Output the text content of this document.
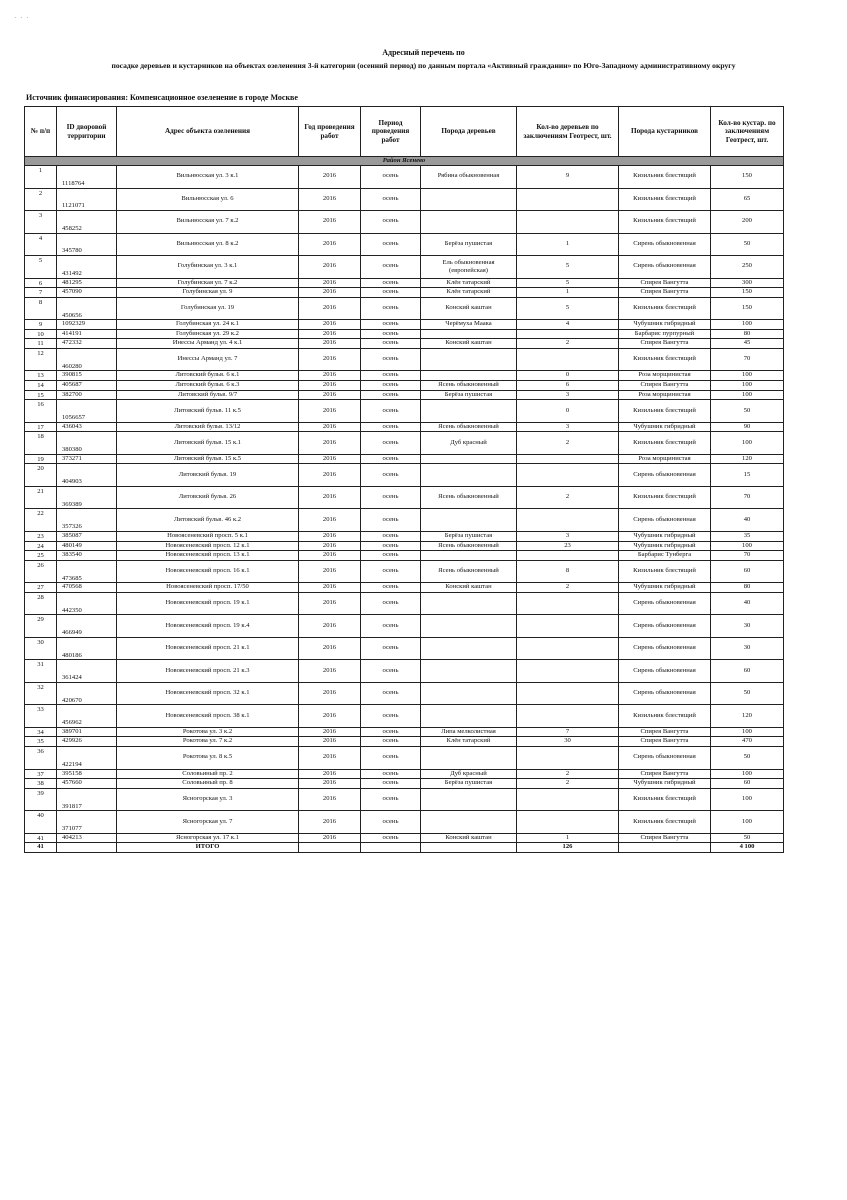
· · ·
Адресный перечень по
посадке деревьев и кустарников на объектах озеленения 3-й категории (осенний период) по данным портала «Активный гражданин» по Юго-Западному административному округу
Источник финансирования: Компенсационное озеленение в городе Москве
№ п/п	ID дворовой территории	Адрес объекта озеленения	Год проведения работ	Период проведения работ	Порода деревьев	Кол-во деревьев по заключениям Геотрест, шт.	Порода кустарников	Кол-во кустар. по заключениям Геотрест, шт.
Район Ясенево								
1	1118764	Вильнюсская ул. 3 к.1	2016	осень	Рябина обыкновенная	9	Кизильник блестящий	150
2	1121071	Вильнюсская ул. 6	2016	осень			Кизильник блестящий	65
3	458252	Вильнюсская ул. 7 к.2	2016	осень			Кизильник блестящий	200
4	345780	Вильнюсская ул. 8 к.2	2016	осень	Берёза пушистая	1	Сирень обыкновенная	50
5	431492	Голубинская ул. 3 к.1	2016	осень	Ель обыкновенная (европейская)	5	Сирень обыкновенная	250
6	481295	Голубинская ул. 7 к.2	2016	осень	Клён татарский	5	Спирея Вангутта	300
7	457090	Голубинская ул. 9	2016	осень	Клён татарский	1	Спирея Вангутта	150
8	450656	Голубинская ул. 19	2016	осень	Конский каштан	5	Кизильник блестящий	150
9	1092329	Голубинская ул. 24 к.1	2016	осень	Черёмуха Маака	4	Чубушник гибридный	100
10	414191	Голубинская ул. 29 к.2	2016	осень			Барбарис пурпурный	80
11	472332	Инессы Арманд ул. 4 к.1	2016	осень	Конский каштан	2	Спирея Вангутта	45
12	460280	Инессы Арманд ул. 7	2016	осень			Кизильник блестящий	70
13	390815	Литовский бульв. 6 к.1	2016	осень		0	Роза морщинистая	100
14	405687	Литовский бульв. 6 к.3	2016	осень	Ясень обыкновенный	6	Спирея Вангутта	100
15	382700	Литовский бульв. 9/7	2016	осень	Берёза пушистая	3	Роза морщинистая	100
16	1056657	Литовский бульв. 11 к.5	2016	осень		0	Кизильник блестящий	50
17	436043	Литовский бульв. 13/12	2016	осень	Ясень обыкновенный	3	Чубушник гибридный	90
18	380380	Литовский бульв. 15 к.1	2016	осень	Дуб красный	2	Кизильник блестящий	100
19	373271	Литовский бульв. 15 к.5	2016	осень			Роза морщинистая	120
20	404903	Литовский бульв. 19	2016	осень			Сирень обыкновенная	15
21	369389	Литовский бульв. 26	2016	осень	Ясень обыкновенный	2	Кизильник блестящий	70
22	357326	Литовский бульв. 46 к.2	2016	осень			Сирень обыкновенная	40
23	385087	Новоясеневский просп. 5 к.1	2016	осень	Берёза пушистая	3	Чубушник гибридный	35
24	480149	Новоясеневский просп. 12 к.1	2016	осень	Ясень обыкновенный	23	Чубушник гибридный	100
25	383540	Новоясеневский просп. 13 к.1	2016	осень			Барбарис Тунберга	70
26	473685	Новоясеневский просп. 16 к.1	2016	осень	Ясень обыкновенный	8	Кизильник блестящий	60
27	470568	Новоясеневский просп. 17/50	2016	осень	Конский каштан	2	Чубушник гибридный	80
28	442350	Новоясеневский просп. 19 к.1	2016	осень			Сирень обыкновенная	40
29	466949	Новоясеневский просп. 19 к.4	2016	осень			Сирень обыкновенная	30
30	480186	Новоясеневский просп. 21 к.1	2016	осень			Сирень обыкновенная	30
31	361424	Новоясеневский просп. 21 к.3	2016	осень			Сирень обыкновенная	60
32	420670	Новоясеневский просп. 32 к.1	2016	осень			Сирень обыкновенная	50
33	456962	Новоясеневский просп. 38 к.1	2016	осень			Кизильник блестящий	120
34	389701	Рокотова ул. 3 к.2	2016	осень	Липа мелколистная	7	Спирея Вангутта	100
35	429926	Рокотова ул. 7 к.2	2016	осень	Клён татарский	30	Спирея Вангутта	470
36	422194	Рокотова ул. 8 к.5	2016	осень			Сирень обыкновенная	50
37	395158	Соловьиный пр. 2	2016	осень	Дуб красный	2	Спирея Вангутта	100
38	457660	Соловьиный пр. 8	2016	осень	Берёза пушистая	2	Чубушник гибридный	60
39	391817	Ясногорская ул. 3	2016	осень			Кизильник блестящий	100
40	371077	Ясногорская ул. 7	2016	осень			Кизильник блестящий	100
41	404213	Ясногорская ул. 17 к.1	2016	осень	Конский каштан	1	Спирея Вангутта	50
41		ИТОГО				126		4 100
